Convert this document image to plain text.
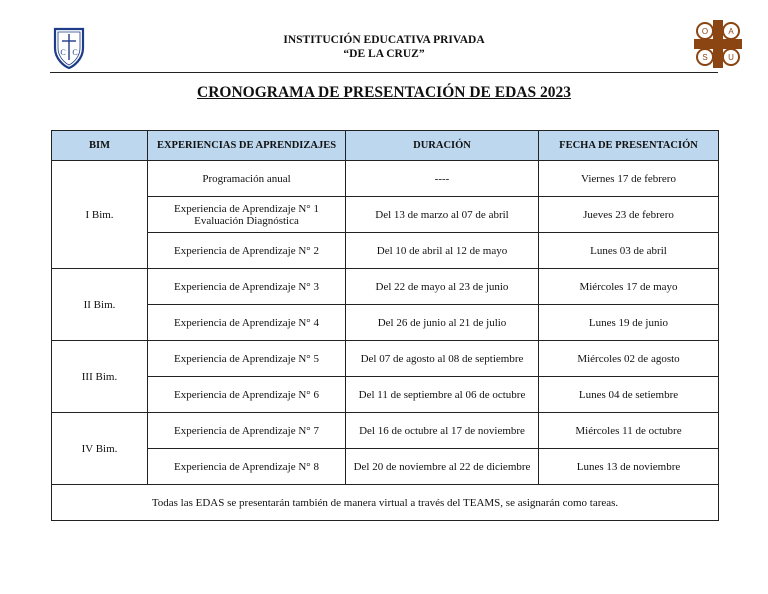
C C
O	A
S	U
INSTITUCIÓN EDUCATIVA PRIVADA
“DE LA CRUZ”
CRONOGRAMA DE PRESENTACIÓN DE EDAS 2023
BIM	EXPERIENCIAS DE APRENDIZAJES	DURACIÓN	FECHA DE PRESENTACIÓN
I Bim.	Programación anual	----	Viernes 17 de febrero
	Experiencia de Aprendizaje N° 1 Evaluación Diagnóstica	Del 13 de marzo al 07 de abril	Jueves 23 de febrero
	Experiencia de Aprendizaje N° 2	Del 10 de abril al 12 de mayo	Lunes 03 de abril
II Bim.	Experiencia de Aprendizaje N° 3	Del 22 de mayo al 23 de junio	Miércoles 17 de mayo
	Experiencia de Aprendizaje N° 4	Del 26 de junio al 21 de julio	Lunes 19 de junio
III Bim.	Experiencia de Aprendizaje N° 5	Del 07 de agosto al 08 de septiembre	Miércoles 02 de agosto
	Experiencia de Aprendizaje N° 6	Del 11 de septiembre al 06 de octubre	Lunes 04 de setiembre
IV Bim.	Experiencia de Aprendizaje N° 7	Del 16 de octubre al 17 de noviembre	Miércoles 11 de octubre
	Experiencia de Aprendizaje N° 8	Del 20 de noviembre al 22 de diciembre	Lunes 13 de noviembre
Todas las EDAS se presentarán también de manera virtual a través del TEAMS, se asignarán como tareas.			
